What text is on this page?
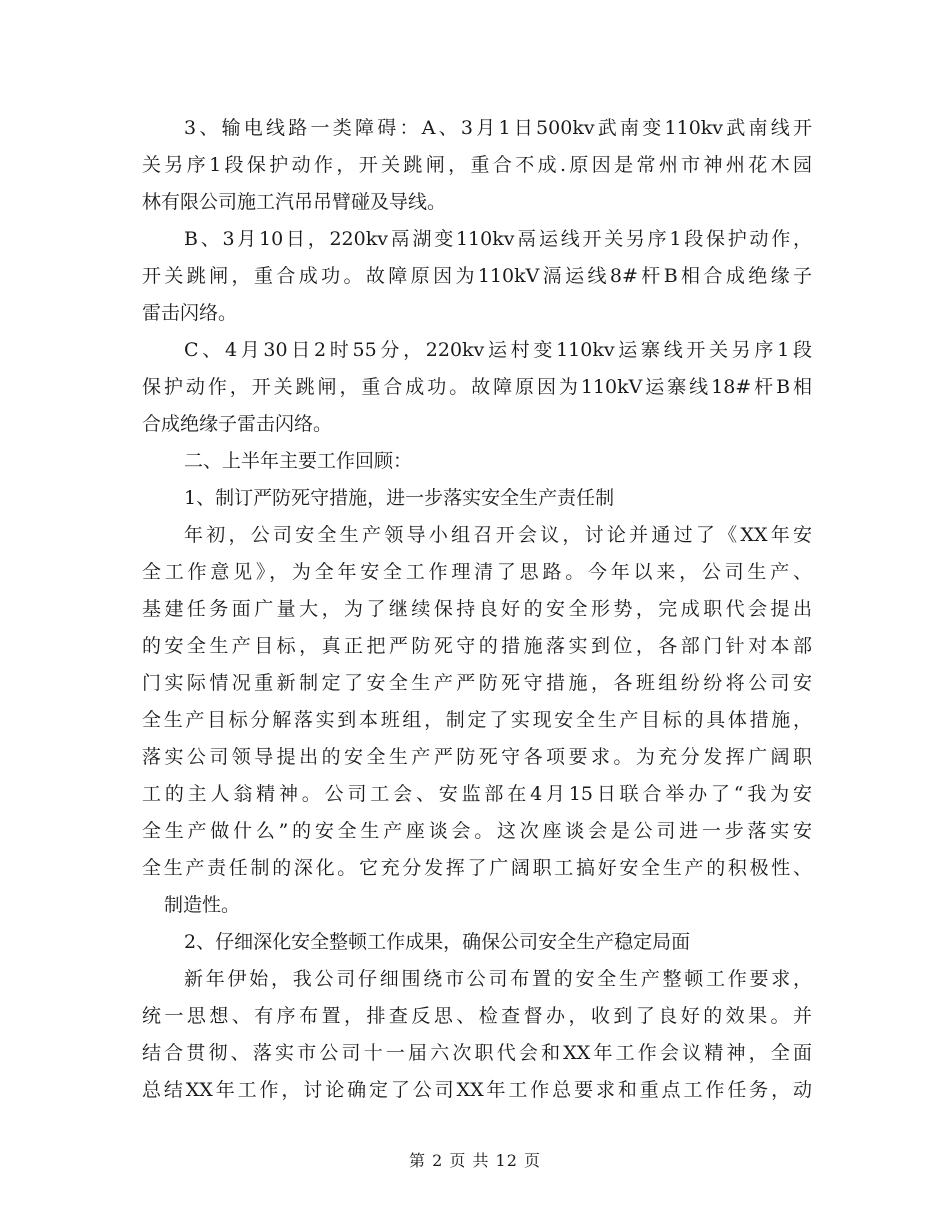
3、输电线路一类障碍：A、3月1日500kv武南变110kv武南线开
关另序1段保护动作，开关跳闸，重合不成.原因是常州市神州花木园
林有限公司施工汽吊吊臂碰及导线。
B、3月10日，220kv鬲湖变110kv鬲运线开关另序1段保护动作，
开关跳闸，重合成功。故障原因为110kV滆运线8#杆B相合成绝缘子
雷击闪络。
C、4月30日2时55分，220kv运村变110kv运寨线开关另序1段
保护动作，开关跳闸，重合成功。故障原因为110kV运寨线18#杆B相
合成绝缘子雷击闪络。
二、上半年主要工作回顾：
1、制订严防死守措施，进一步落实安全生产责任制
年初，公司安全生产领导小组召开会议，讨论并通过了《XX年安
全工作意见》，为全年安全工作理清了思路。今年以来，公司生产、
基建任务面广量大，为了继续保持良好的安全形势，完成职代会提出
的安全生产目标，真正把严防死守的措施落实到位，各部门针对本部
门实际情况重新制定了安全生产严防死守措施，各班组纷纷将公司安
全生产目标分解落实到本班组，制定了实现安全生产目标的具体措施，
落实公司领导提出的安全生产严防死守各项要求。为充分发挥广阔职
工的主人翁精神。公司工会、安监部在4月15日联合举办了“我为安
全生产做什么”的安全生产座谈会。这次座谈会是公司进一步落实安
全生产责任制的深化。它充分发挥了广阔职工搞好安全生产的积极性、
制造性。
2、仔细深化安全整顿工作成果，确保公司安全生产稳定局面
新年伊始，我公司仔细围绕市公司布置的安全生产整顿工作要求，
统一思想、有序布置，排查反思、检查督办，收到了良好的效果。并
结合贯彻、落实市公司十一届六次职代会和XX年工作会议精神，全面
总结XX年工作，讨论确定了公司XX年工作总要求和重点工作任务，动
第 2 页 共 12 页
